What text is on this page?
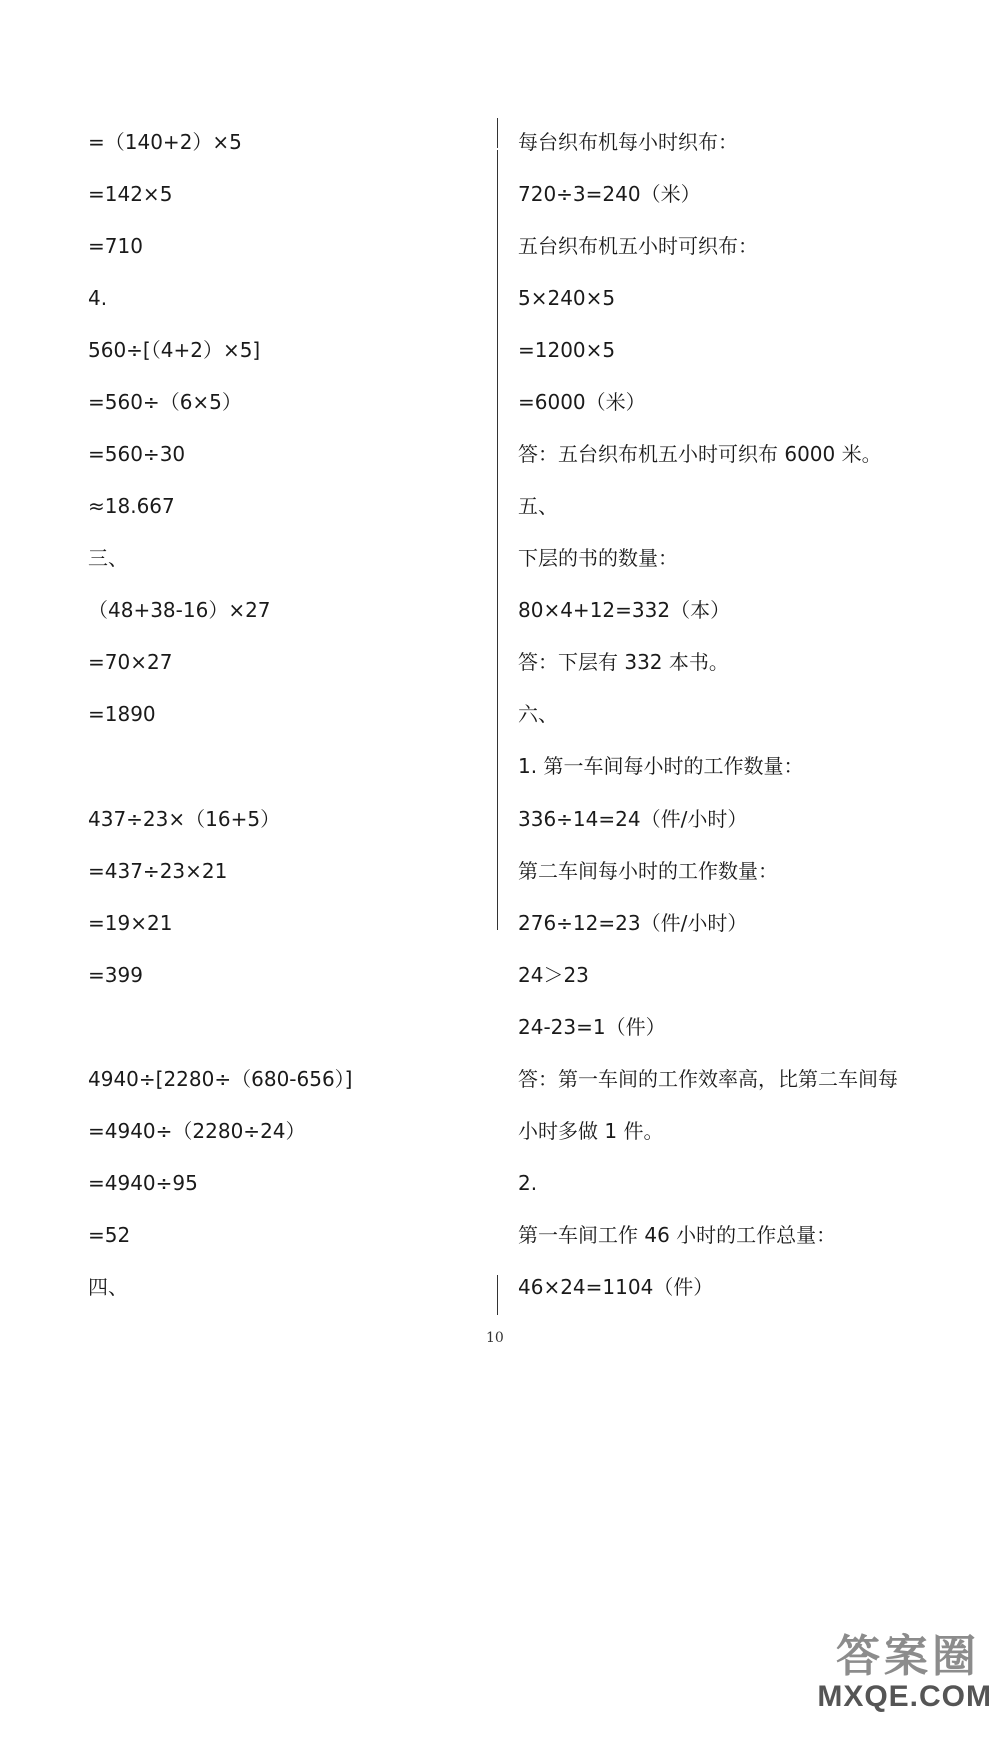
=（140+2）×5
=142×5
=710
4.
560÷[（4+2）×5]
=560÷（6×5）
=560÷30
≈18.667
三、
（48+38-16）×27
=70×27
=1890
437÷23×（16+5）
=437÷23×21
=19×21
=399
4940÷[2280÷（680-656）]
=4940÷（2280÷24）
=4940÷95
=52
四、
每台织布机每小时织布：
720÷3=240（米）
五台织布机五小时可织布：
5×240×5
=1200×5
=6000（米）
答：五台织布机五小时可织布 6000 米。
五、
下层的书的数量：
80×4+12=332（本）
答：下层有 332 本书。
六、
1. 第一车间每小时的工作数量：
336÷14=24（件/小时）
第二车间每小时的工作数量：
276÷12=23（件/小时）
24＞23
24-23=1（件）
答：第一车间的工作效率高，比第二车间每
小时多做 1 件。
2.
第一车间工作 46 小时的工作总量：
46×24=1104（件）
10
答案圈
MXQE.COM
